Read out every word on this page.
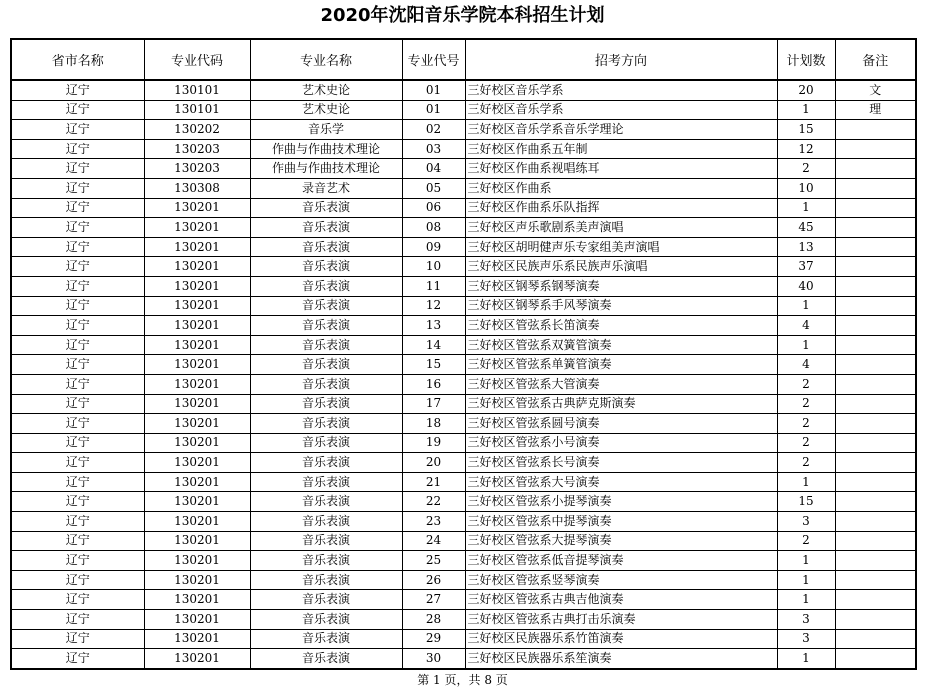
2020年沈阳音乐学院本科招生计划
省市名称	专业代码	专业名称	专业代号	招考方向	计划数	备注
辽宁	130101	艺术史论	01	三好校区音乐学系	20	文
辽宁	130101	艺术史论	01	三好校区音乐学系	1	理
辽宁	130202	音乐学	02	三好校区音乐学系音乐学理论	15	
辽宁	130203	作曲与作曲技术理论	03	三好校区作曲系五年制	12	
辽宁	130203	作曲与作曲技术理论	04	三好校区作曲系视唱练耳	2	
辽宁	130308	录音艺术	05	三好校区作曲系	10	
辽宁	130201	音乐表演	06	三好校区作曲系乐队指挥	1	
辽宁	130201	音乐表演	08	三好校区声乐歌剧系美声演唱	45	
辽宁	130201	音乐表演	09	三好校区胡明健声乐专家组美声演唱	13	
辽宁	130201	音乐表演	10	三好校区民族声乐系民族声乐演唱	37	
辽宁	130201	音乐表演	11	三好校区钢琴系钢琴演奏	40	
辽宁	130201	音乐表演	12	三好校区钢琴系手风琴演奏	1	
辽宁	130201	音乐表演	13	三好校区管弦系长笛演奏	4	
辽宁	130201	音乐表演	14	三好校区管弦系双簧管演奏	1	
辽宁	130201	音乐表演	15	三好校区管弦系单簧管演奏	4	
辽宁	130201	音乐表演	16	三好校区管弦系大管演奏	2	
辽宁	130201	音乐表演	17	三好校区管弦系古典萨克斯演奏	2	
辽宁	130201	音乐表演	18	三好校区管弦系圆号演奏	2	
辽宁	130201	音乐表演	19	三好校区管弦系小号演奏	2	
辽宁	130201	音乐表演	20	三好校区管弦系长号演奏	2	
辽宁	130201	音乐表演	21	三好校区管弦系大号演奏	1	
辽宁	130201	音乐表演	22	三好校区管弦系小提琴演奏	15	
辽宁	130201	音乐表演	23	三好校区管弦系中提琴演奏	3	
辽宁	130201	音乐表演	24	三好校区管弦系大提琴演奏	2	
辽宁	130201	音乐表演	25	三好校区管弦系低音提琴演奏	1	
辽宁	130201	音乐表演	26	三好校区管弦系竖琴演奏	1	
辽宁	130201	音乐表演	27	三好校区管弦系古典吉他演奏	1	
辽宁	130201	音乐表演	28	三好校区管弦系古典打击乐演奏	3	
辽宁	130201	音乐表演	29	三好校区民族器乐系竹笛演奏	3	
辽宁	130201	音乐表演	30	三好校区民族器乐系笙演奏	1	
第 1 页，共 8 页
